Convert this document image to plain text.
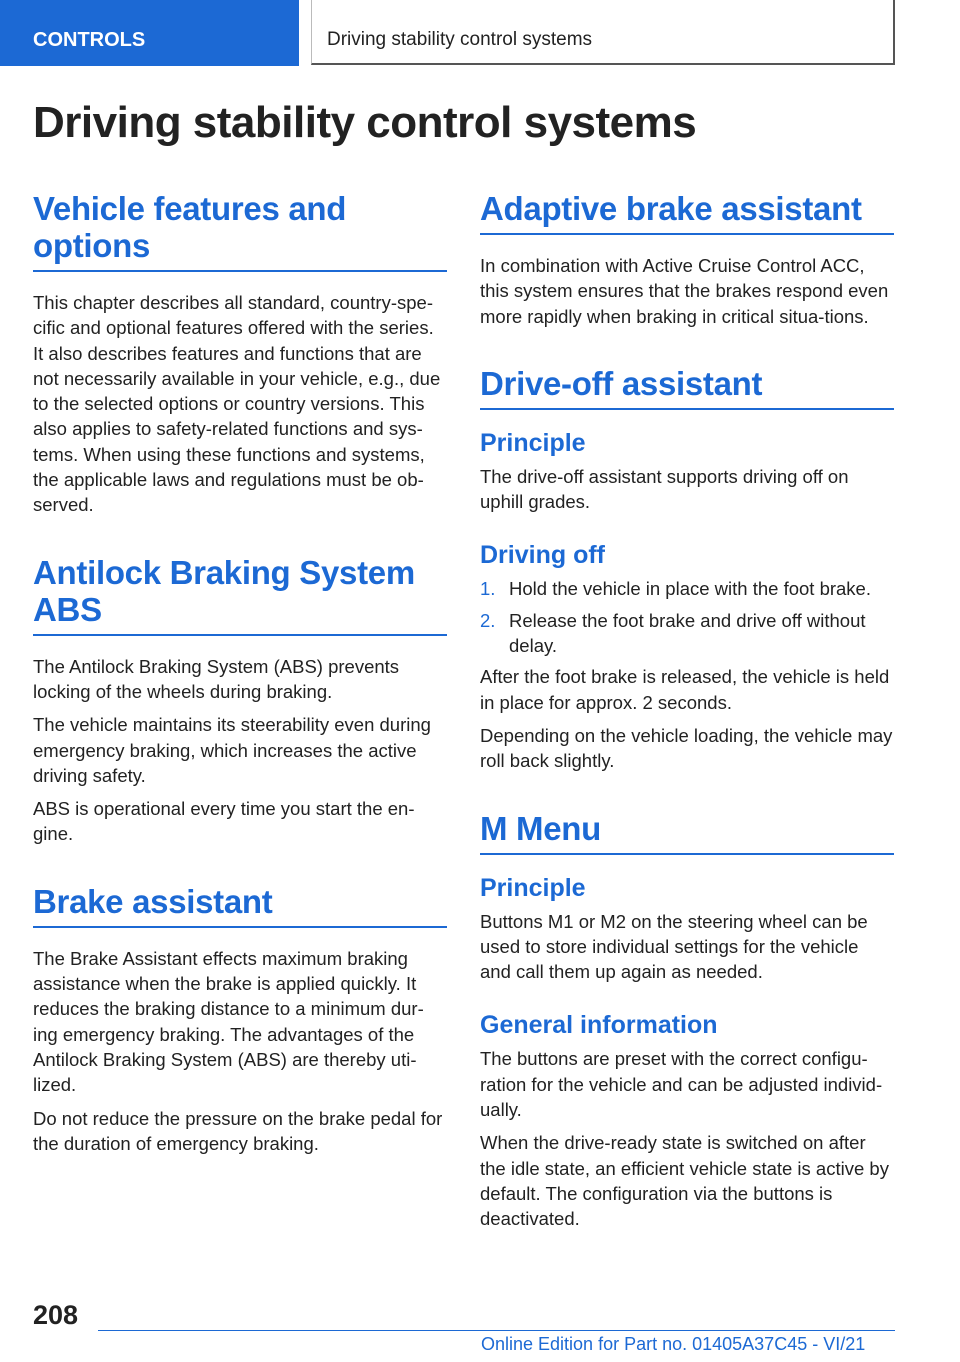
CONTROLS	Driving stability control systems
Driving stability control systems
Vehicle features and options

This chapter describes all standard, country-spe-cific and optional features offered with the series. It also describes features and functions that are not necessarily available in your vehicle, e.g., due to the selected options or country versions. This also applies to safety-related functions and sys-tems. When using these functions and systems, the applicable laws and regulations must be ob-served.

Antilock Braking System ABS

The Antilock Braking System (ABS) prevents locking of the wheels during braking.

The vehicle maintains its steerability even during emergency braking, which increases the active driving safety.

ABS is operational every time you start the en-gine.

Brake assistant

The Brake Assistant effects maximum braking assistance when the brake is applied quickly. It reduces the braking distance to a minimum dur-ing emergency braking. The advantages of the Antilock Braking System (ABS) are thereby uti-lized.

Do not reduce the pressure on the brake pedal for the duration of emergency braking.

Adaptive brake assistant

In combination with Active Cruise Control ACC, this system ensures that the brakes respond even more rapidly when braking in critical situa-tions.

Drive-off assistant
Principle

The drive-off assistant supports driving off on uphill grades.

Driving off
1. Hold the vehicle in place with the foot brake.
2. Release the foot brake and drive off without delay.

After the foot brake is released, the vehicle is held in place for approx. 2 seconds.

Depending on the vehicle loading, the vehicle may roll back slightly.

M Menu
Principle

Buttons M1 or M2 on the steering wheel can be used to store individual settings for the vehicle and call them up again as needed.

General information

The buttons are preset with the correct configu-ration for the vehicle and can be adjusted individ-ually.

When the drive-ready state is switched on after the idle state, an efficient vehicle state is active by default. The configuration via the buttons is deactivated.

208
Online Edition for Part no. 01405A37C45 - VI/21
